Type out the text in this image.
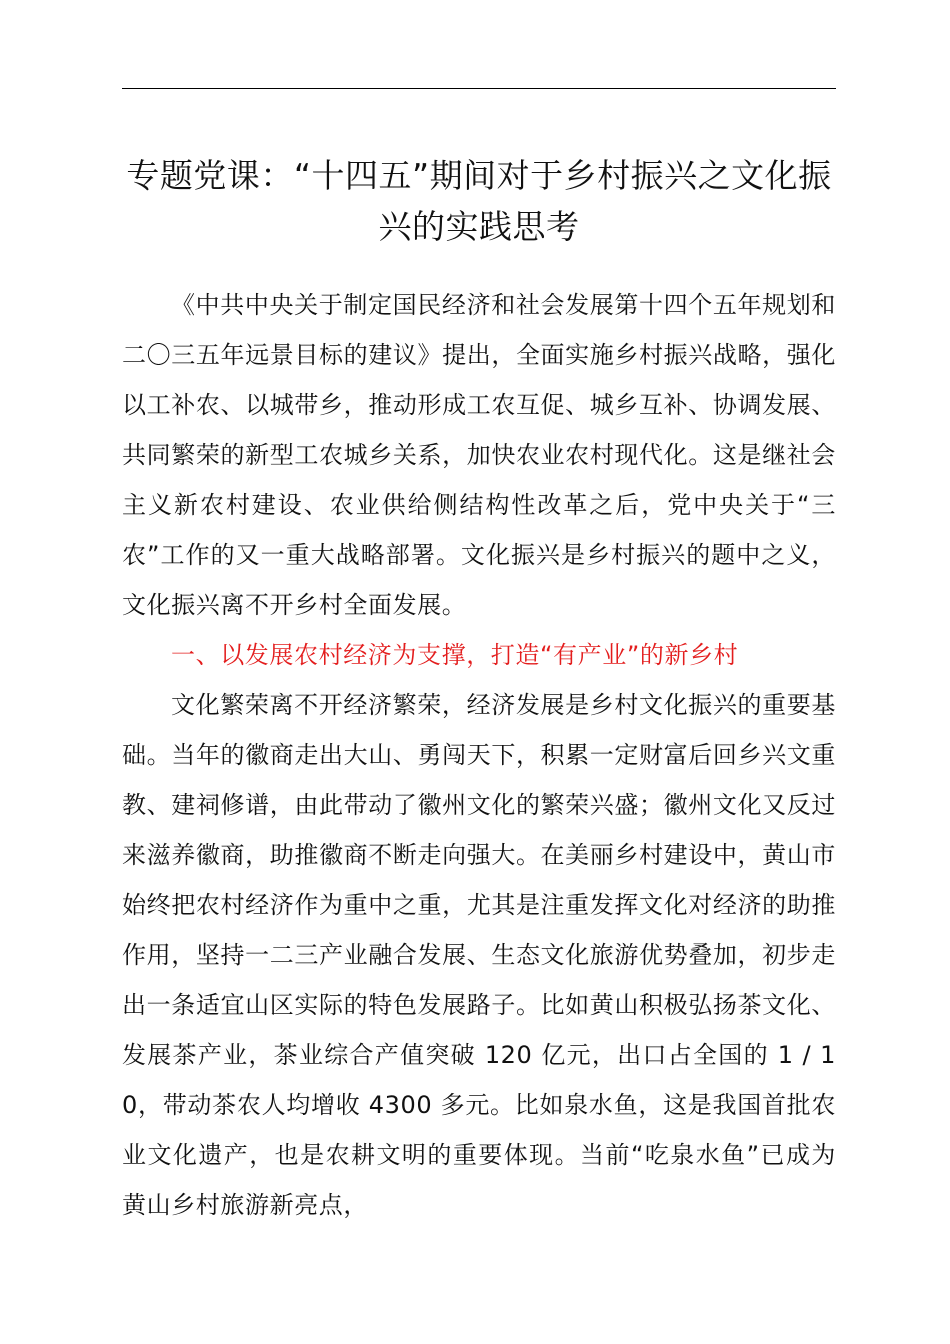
专题党课：“十四五”期间对于乡村振兴之文化振兴的实践思考

《中共中央关于制定国民经济和社会发展第十四个五年规划和二〇三五年远景目标的建议》提出，全面实施乡村振兴战略，强化以工补农、以城带乡，推动形成工农互促、城乡互补、协调发展、共同繁荣的新型工农城乡关系，加快农业农村现代化。这是继社会主义新农村建设、农业供给侧结构性改革之后，党中央关于“三农”工作的又一重大战略部署。文化振兴是乡村振兴的题中之义，文化振兴离不开乡村全面发展。

一、以发展农村经济为支撑，打造“有产业”的新乡村

文化繁荣离不开经济繁荣，经济发展是乡村文化振兴的重要基础。当年的徽商走出大山、勇闯天下，积累一定财富后回乡兴文重教、建祠修谱，由此带动了徽州文化的繁荣兴盛；徽州文化又反过来滋养徽商，助推徽商不断走向强大。在美丽乡村建设中，黄山市始终把农村经济作为重中之重，尤其是注重发挥文化对经济的助推作用，坚持一二三产业融合发展、生态文化旅游优势叠加，初步走出一条适宜山区实际的特色发展路子。比如黄山积极弘扬茶文化、发展茶产业，茶业综合产值突破 120 亿元，出口占全国的 1 / 10，带动茶农人均增收 4300 多元。比如泉水鱼，这是我国首批农业文化遗产，也是农耕文明的重要体现。当前“吃泉水鱼”已成为黄山乡村旅游新亮点，
